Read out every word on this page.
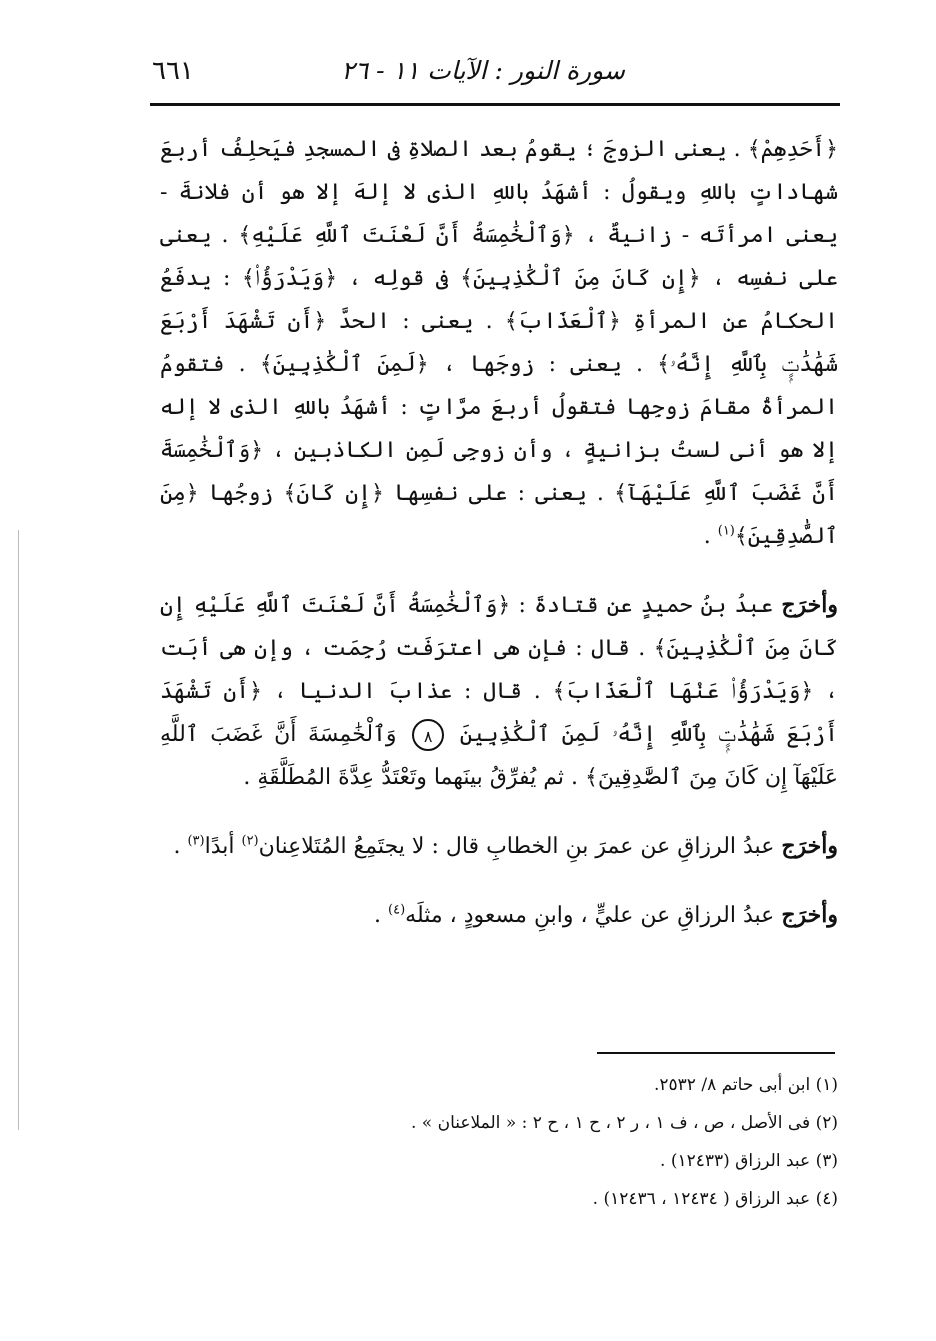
سورة النور : الآيات ١١ - ٢٦
٦٦١

﴿أَحَدِهِمْ﴾ . يعنى الزوجَ ؛ يقومُ بعد الصلاةِ فى المسجدِ فيَحلِفُ أربعَ شهاداتٍ باللهِ ويقولُ : أشهَدُ باللهِ الذى لا إلهَ إلا هو أن فلانةَ - يعنى امرأتَه - زانيةٌ ، ﴿وَٱلْخَٰمِسَةُ أَنَّ لَعْنَتَ ٱللَّهِ عَلَيْهِ﴾ . يعنى على نفسِه ، ﴿إِن كَانَ مِنَ ٱلْكَٰذِبِينَ﴾ فى قولِه ، ﴿وَيَدْرَؤُا۟﴾ : يدفَعُ الحكامُ عن المرأةِ ﴿ٱلْعَذَابَ﴾ . يعنى : الحدَّ ﴿أَن تَشْهَدَ أَرْبَعَ شَهَٰدَٰتٍۭ بِٱللَّهِ إِنَّهُۥ﴾ . يعنى : زوجَها ، ﴿لَمِنَ ٱلْكَٰذِبِينَ﴾ . فتقومُ المرأةُ مقامَ زوجِها فتقولُ أربعَ مرَّاتٍ : أشهَدُ باللهِ الذى لا إله إلا هو أنى لستُ بزانيةٍ ، وأن زوجِى لَمِن الكاذبين ، ﴿وَٱلْخَٰمِسَةَ أَنَّ غَضَبَ ٱللَّهِ عَلَيْهَآ﴾ . يعنى : على نفسِها ﴿إِن كَانَ﴾ زوجُها ﴿مِنَ ٱلصَّٰدِقِينَ﴾$^{(١)}$ .

وأخرَج عبدُ بنُ حميدٍ عن قتادةَ : ﴿وَٱلْخَٰمِسَةُ أَنَّ لَعْنَتَ ٱللَّهِ عَلَيْهِ إِن كَانَ مِنَ ٱلْكَٰذِبِينَ﴾ . قال : فإن هى اعترَفَت رُجِمَت ، وإن هى أبَت ، ﴿وَيَدْرَؤُا۟ عَنْهَا ٱلْعَذَابَ﴾ . قال : عذابَ الدنيا ، ﴿أَن تَشْهَدَ أَرْبَعَ شَهَٰدَٰتٍۭ بِٱللَّهِ إِنَّهُۥ لَمِنَ ٱلْكَٰذِبِينَ ٨ وَٱلْخَٰمِسَةَ أَنَّ غَضَبَ ٱللَّهِ عَلَيْهَآ إِن كَانَ مِنَ ٱلصَّٰدِقِينَ﴾ . ثم يُفرِّقُ بينَهما وتَعْتَدُّ عِدَّةَ المُطَلَّقَةِ .

وأخرَج عبدُ الرزاقِ عن عمرَ بنِ الخطابِ قال : لا يجتَمِعُ المُتَلاعِنان$^{(٢)}$ أبدًا$^{(٣)}$ .

وأخرَج عبدُ الرزاقِ عن عليٍّ ، وابنِ مسعودٍ ، مثلَه$^{(٤)}$ .

(١) ابن أبى حاتم ٨/ ٢٥٣٢.
(٢) فى الأصل ، ص ، ف ١ ، ر ٢ ، ح ١ ، ح ٢ : « الملاعنان » .
(٣) عبد الرزاق (١٢٤٣٣) .
(٤) عبد الرزاق ( ١٢٤٣٤ ، ١٢٤٣٦) .
